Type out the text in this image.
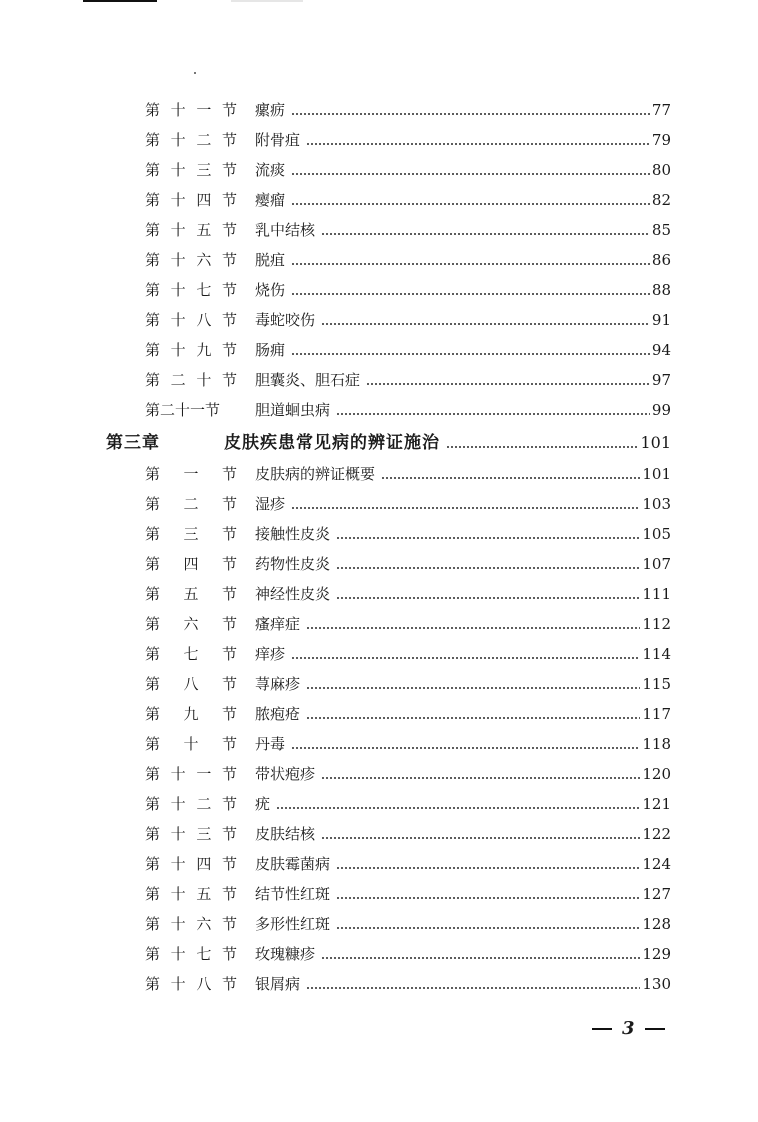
第 十 一 节	瘰疬	77
第 十 二 节	附骨疽	79
第 十 三 节	流痰	80
第 十 四 节	瘿瘤	82
第 十 五 节	乳中结核	85
第 十 六 节	脱疽	86
第 十 七 节	烧伤	88
第 十 八 节	毒蛇咬伤	91
第 十 九 节	肠痈	94
第 二 十 节	胆囊炎、胆石症	97
第二十一节	胆道蛔虫病	99
第三章	皮肤疾患常见病的辨证施治	101
第 一 节	皮肤病的辨证概要	101
第 二 节	湿疹	103
第 三 节	接触性皮炎	105
第 四 节	药物性皮炎	107
第 五 节	神经性皮炎	111
第 六 节	瘙痒症	112
第 七 节	痒疹	114
第 八 节	荨麻疹	115
第 九 节	脓疱疮	117
第 十 节	丹毒	118
第 十 一 节	带状疱疹	120
第 十 二 节	疣	121
第 十 三 节	皮肤结核	122
第 十 四 节	皮肤霉菌病	124
第 十 五 节	结节性红斑	127
第 十 六 节	多形性红斑	128
第 十 七 节	玫瑰糠疹	129
第 十 八 节	银屑病	130
3
